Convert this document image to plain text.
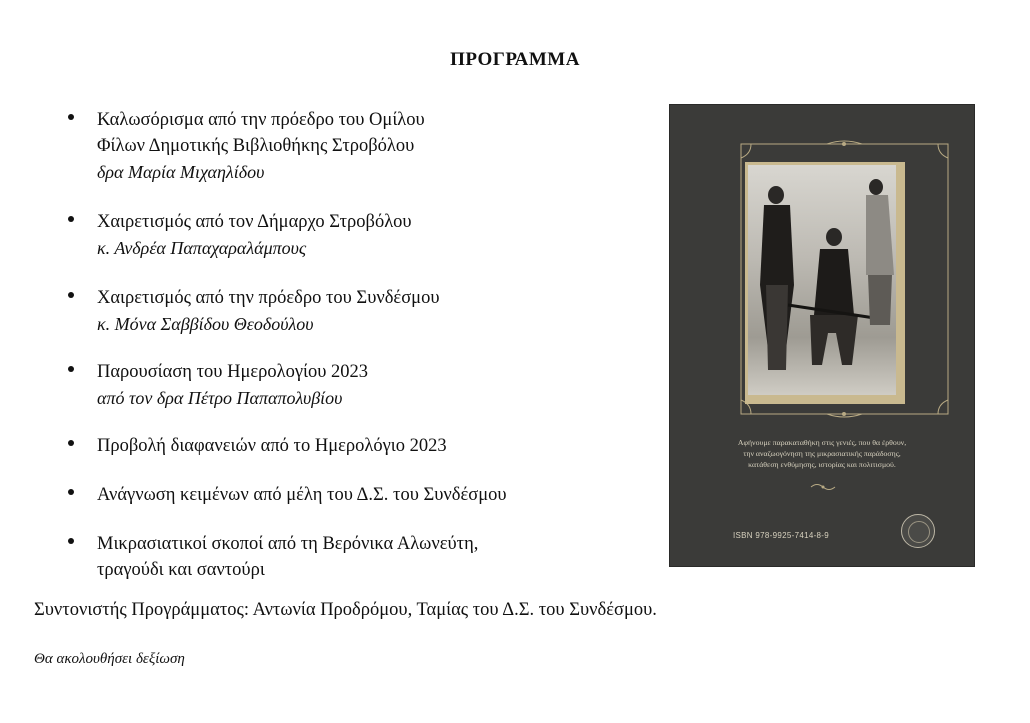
ΠΡΟΓΡΑΜΜΑ
Καλωσόρισμα από την πρόεδρο του Ομίλου
Φίλων Δημοτικής Βιβλιοθήκης Στροβόλου
δρα Μαρία Μιχαηλίδου
Χαιρετισμός από τον Δήμαρχο Στροβόλου
κ. Ανδρέα Παπαχαραλάμπους
Χαιρετισμός από την πρόεδρο του Συνδέσμου
κ. Μόνα Σαββίδου Θεοδούλου
Παρουσίαση του Ημερολογίου 2023
από τον δρα Πέτρο Παπαπολυβίου
Προβολή διαφανειών από το Ημερολόγιο 2023
Ανάγνωση κειμένων από μέλη του Δ.Σ. του Συνδέσμου
Μικρασιατικοί σκοποί από τη Βερόνικα Αλωνεύτη,
τραγούδι και σαντούρι
Συντονιστής Προγράμματος: Αντωνία Προδρόμου, Ταμίας του Δ.Σ. του Συνδέσμου.
Θα ακολουθήσει δεξίωση
Αφήνουμε παρακαταθήκη στις γενιές, που θα έρθουν,
την αναζωογόνηση της μικρασιατικής παράδοσης,
κατάθεση ενθύμησης, ιστορίας και πολιτισμού.
ISBN 978-9925-7414-8-9
